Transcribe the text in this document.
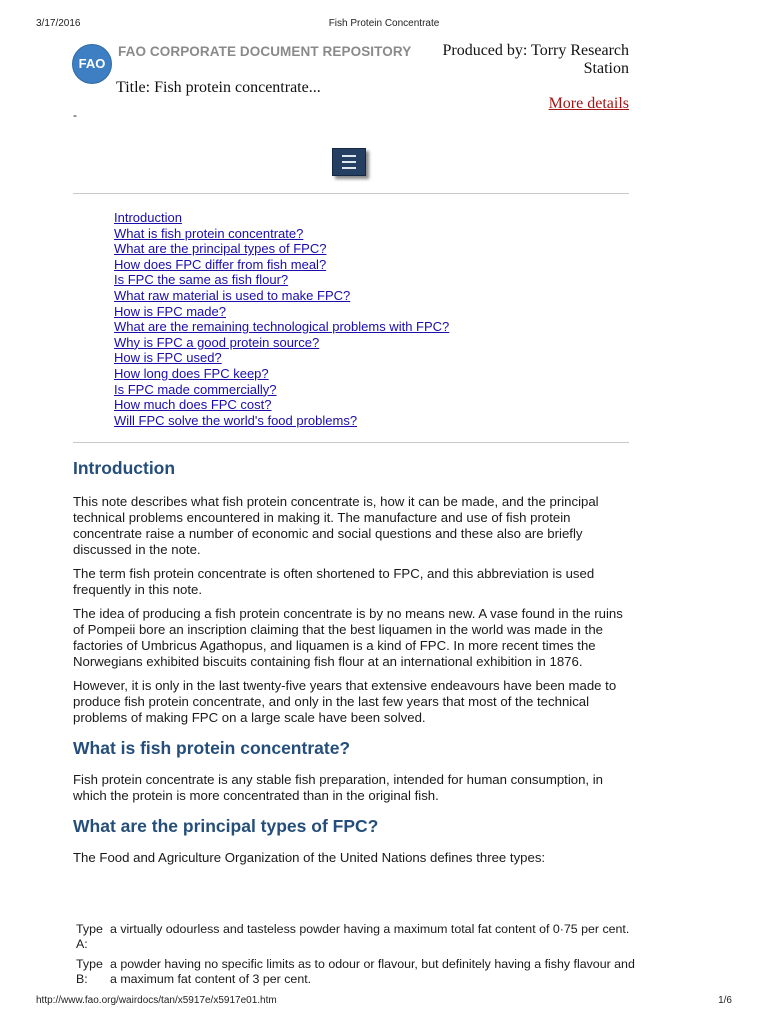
3/17/2016	Fish Protein Concentrate
FAO
FAO CORPORATE DOCUMENT REPOSITORY
Title: Fish protein concentrate...
-
Produced by: Torry Research
Station
More details
Introduction
What is fish protein concentrate?
What are the principal types of FPC?
How does FPC differ from fish meal?
Is FPC the same as fish flour?
What raw material is used to make FPC?
How is FPC made?
What are the remaining technological problems with FPC?
Why is FPC a good protein source?
How is FPC used?
How long does FPC keep?
Is FPC made commercially?
How much does FPC cost?
Will FPC solve the world's food problems?
Introduction

This note describes what fish protein concentrate is, how it can be made, and the principal technical problems encountered in making it. The manufacture and use of fish protein concentrate raise a number of economic and social questions and these also are briefly discussed in the note.

The term fish protein concentrate is often shortened to FPC, and this abbreviation is used frequently in this note.

The idea of producing a fish protein concentrate is by no means new. A vase found in the ruins of Pompeii bore an inscription claiming that the best liquamen in the world was made in the factories of Umbricus Agathopus, and liquamen is a kind of FPC. In more recent times the Norwegians exhibited biscuits containing fish flour at an international exhibition in 1876.

However, it is only in the last twenty-five years that extensive endeavours have been made to produce fish protein concentrate, and only in the last few years that most of the technical problems of making FPC on a large scale have been solved.

What is fish protein concentrate?

Fish protein concentrate is any stable fish preparation, intended for human consumption, in which the protein is more concentrated than in the original fish.

What are the principal types of FPC?

The Food and Agriculture Organization of the United Nations defines three types:

Type A:
a virtually odourless and tasteless powder having a maximum total fat content of 0·75 per cent.
Type B:
a powder having no specific limits as to odour or flavour, but definitely having a fishy flavour and a maximum fat content of 3 per cent.
http://www.fao.org/wairdocs/tan/x5917e/x5917e01.htm	1/6
